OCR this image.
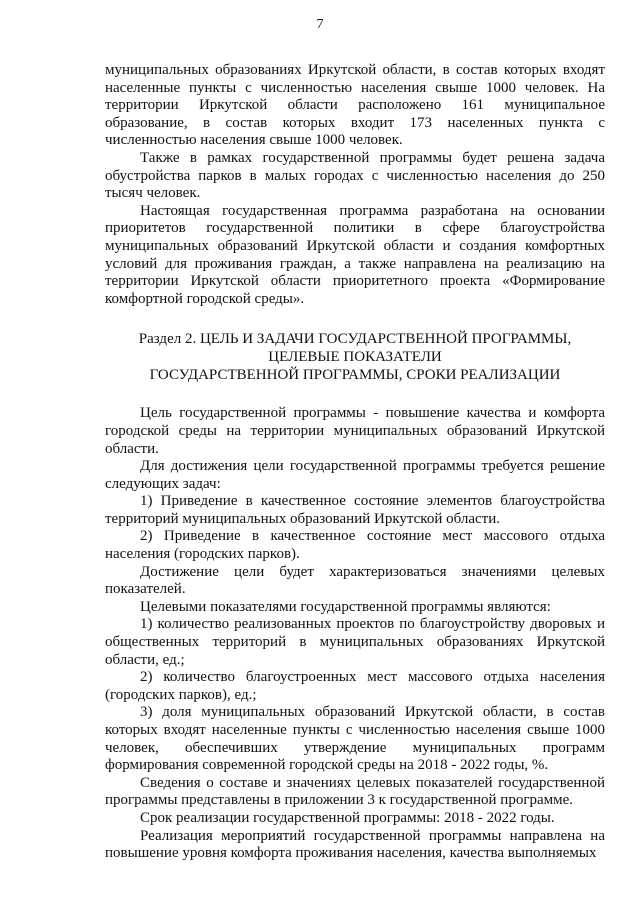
7

муниципальных образованиях Иркутской области, в состав которых входят населенные пункты с численностью населения свыше 1000 человек. На территории Иркутской области расположено 161 муниципальное образование, в состав которых входит 173 населенных пункта с численностью населения свыше 1000 человек.

Также в рамках государственной программы будет решена задача обустройства парков в малых городах с численностью населения до 250 тысяч человек.

Настоящая государственная программа разработана на основании приоритетов государственной политики в сфере благоустройства муниципальных образований Иркутской области и создания комфортных условий для проживания граждан, а также направлена на реализацию на территории Иркутской области приоритетного проекта «Формирование комфортной городской среды».

Раздел 2. ЦЕЛЬ И ЗАДАЧИ ГОСУДАРСТВЕННОЙ ПРОГРАММЫ,
ЦЕЛЕВЫЕ ПОКАЗАТЕЛИ
ГОСУДАРСТВЕННОЙ ПРОГРАММЫ, СРОКИ РЕАЛИЗАЦИИ

Цель государственной программы - повышение качества и комфорта городской среды на территории муниципальных образований Иркутской области.

Для достижения цели государственной программы требуется решение следующих задач:

1) Приведение в качественное состояние элементов благоустройства территорий муниципальных образований Иркутской области.

2) Приведение в качественное состояние мест массового отдыха населения (городских парков).

Достижение цели будет характеризоваться значениями целевых показателей.

Целевыми показателями государственной программы являются:

1) количество реализованных проектов по благоустройству дворовых и общественных территорий в муниципальных образованиях Иркутской области, ед.;

2) количество благоустроенных мест массового отдыха населения (городских парков), ед.;

3) доля муниципальных образований Иркутской области, в состав которых входят населенные пункты с численностью населения свыше 1000 человек, обеспечивших утверждение муниципальных программ формирования современной городской среды на 2018 - 2022 годы, %.

Сведения о составе и значениях целевых показателей государственной программы представлены в приложении 3 к государственной программе.

Срок реализации государственной программы: 2018 - 2022 годы.

Реализация мероприятий государственной программы направлена на повышение уровня комфорта проживания населения, качества выполняемых
